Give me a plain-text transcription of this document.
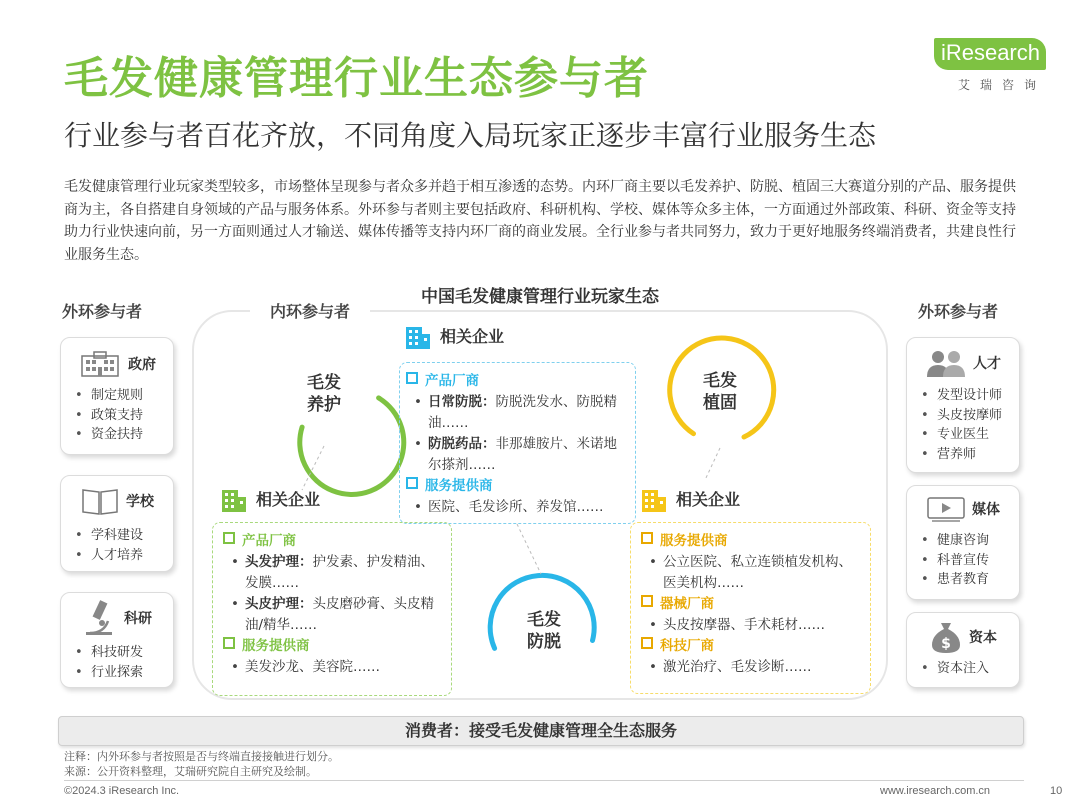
毛发健康管理行业生态参与者
行业参与者百花齐放，不同角度入局玩家正逐步丰富行业服务生态
iResearch
艾瑞咨询
毛发健康管理行业玩家类型较多，市场整体呈现参与者众多并趋于相互渗透的态势。内环厂商主要以毛发养护、防脱、植固三大赛道分别的产品、服务提供商为主，各自搭建自身领域的产品与服务体系。外环参与者则主要包括政府、科研机构、学校、媒体等众多主体，一方面通过外部政策、科研、资金等支持助力行业快速向前，另一方面则通过人才输送、媒体传播等支持内环厂商的商业发展。全行业参与者共同努力，致力于更好地服务终端消费者，共建良性行业服务生态。
中国毛发健康管理行业玩家生态
内环参与者
外环参与者	外环参与者
政府
• 制定规则
• 政策支持
• 资金扶持
学校
• 学科建设
• 人才培养
科研
• 科技研发
• 行业探索
人才
• 发型设计师
• 头皮按摩师
• 专业医生
• 营养师
媒体
• 健康咨询
• 科普宣传
• 患者教育
$ 资本
• 资本注入
毛发
养护
毛发
植固
毛发
防脱
相关企业
产品厂商
• 日常防脱：防脱洗发水、防脱精油……
• 防脱药品：非那雄胺片、米诺地尔搽剂……
服务提供商
• 医院、毛发诊所、养发馆……
相关企业
产品厂商
• 头发护理：护发素、护发精油、发膜……
• 头皮护理：头皮磨砂膏、头皮精油/精华……
服务提供商
• 美发沙龙、美容院……
相关企业
服务提供商
• 公立医院、私立连锁植发机构、医美机构……
器械厂商
• 头皮按摩器、手术耗材……
科技厂商
• 激光治疗、毛发诊断……
消费者：接受毛发健康管理全生态服务
注释：内外环参与者按照是否与终端直接接触进行划分。
来源：公开资料整理，艾瑞研究院自主研究及绘制。
©2024.3 iResearch Inc.	www.iresearch.com.cn	10
